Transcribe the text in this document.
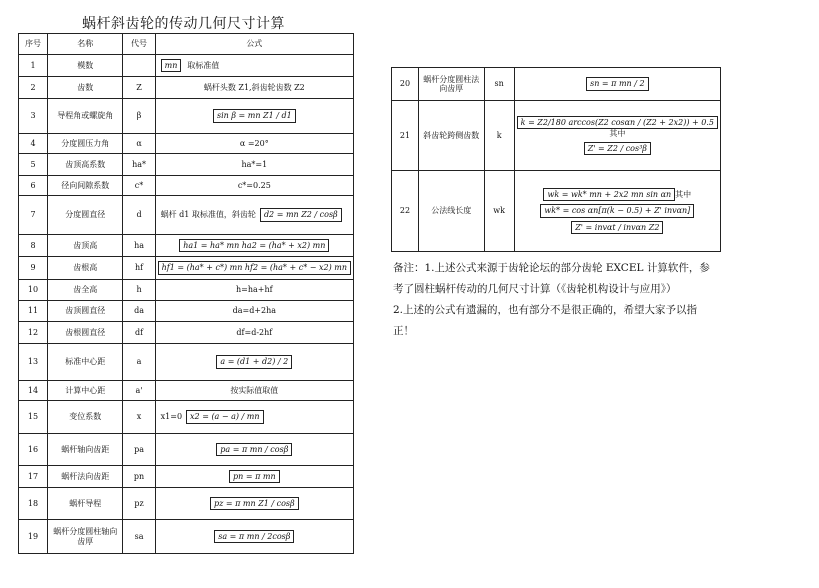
蜗杆斜齿轮的传动几何尺寸计算
序号	名称	代号	公式
1	模数		mn 取标准值
2	齿数	Z	蜗杆头数 Z1,斜齿轮齿数 Z2
3	导程角或螺旋角	β	sin β = mn Z1 / d1
4	分度圆压力角	α	α =20°
5	齿顶高系数	ha*	ha*=1
6	径向间隙系数	c*	c*=0.25
7	分度圆直径	d	蜗杆 d1 取标准值，斜齿轮 d2 = mn Z2 / cosβ
8	齿顶高	ha	ha1 = ha* mn ha2 = (ha* + x2) mn
9	齿根高	hf	hf1 = (ha* + c*) mn hf2 = (ha* + c* − x2) mn
10	齿全高	h	h=ha+hf
11	齿顶圆直径	da	da=d+2ha
12	齿根圆直径	df	df=d-2hf
13	标准中心距	a	a = (d1 + d2) / 2
14	计算中心距	a'	按实际值取值
15	变位系数	x	x1=0 x2 = (a − a) / mn
16	蜗杆轴向齿距	pa	pa = π mn / cosβ
17	蜗杆法向齿距	pn	pn = π mn
18	蜗杆导程	pz	pz = π mn Z1 / cosβ
19	蜗杆分度圆柱轴向齿厚	sa	sa = π mn / 2cosβ
20	蜗杆分度圆柱法向齿厚	sn	sn = π mn / 2

21	斜齿轮跨侧齿数	k	k = Z2/180 arccos(Z2 cosαn / (Z2 + 2x2)) + 0.5其中
Z' = Z2 / cos³β

22	公法线长度	wk	wk = wk* mn + 2x2 mn sin αn 其中
wk* = cos αn[π(k − 0.5) + Z' invαn]
Z' = invαt / invαn Z2

备注：1.上述公式来源于齿轮论坛的部分齿轮 EXCEL 计算软件，参考了圆柱蜗杆传动的几何尺寸计算（《齿轮机构设计与应用》）

2.上述的公式有遗漏的，也有部分不是很正确的，希望大家予以指正！
